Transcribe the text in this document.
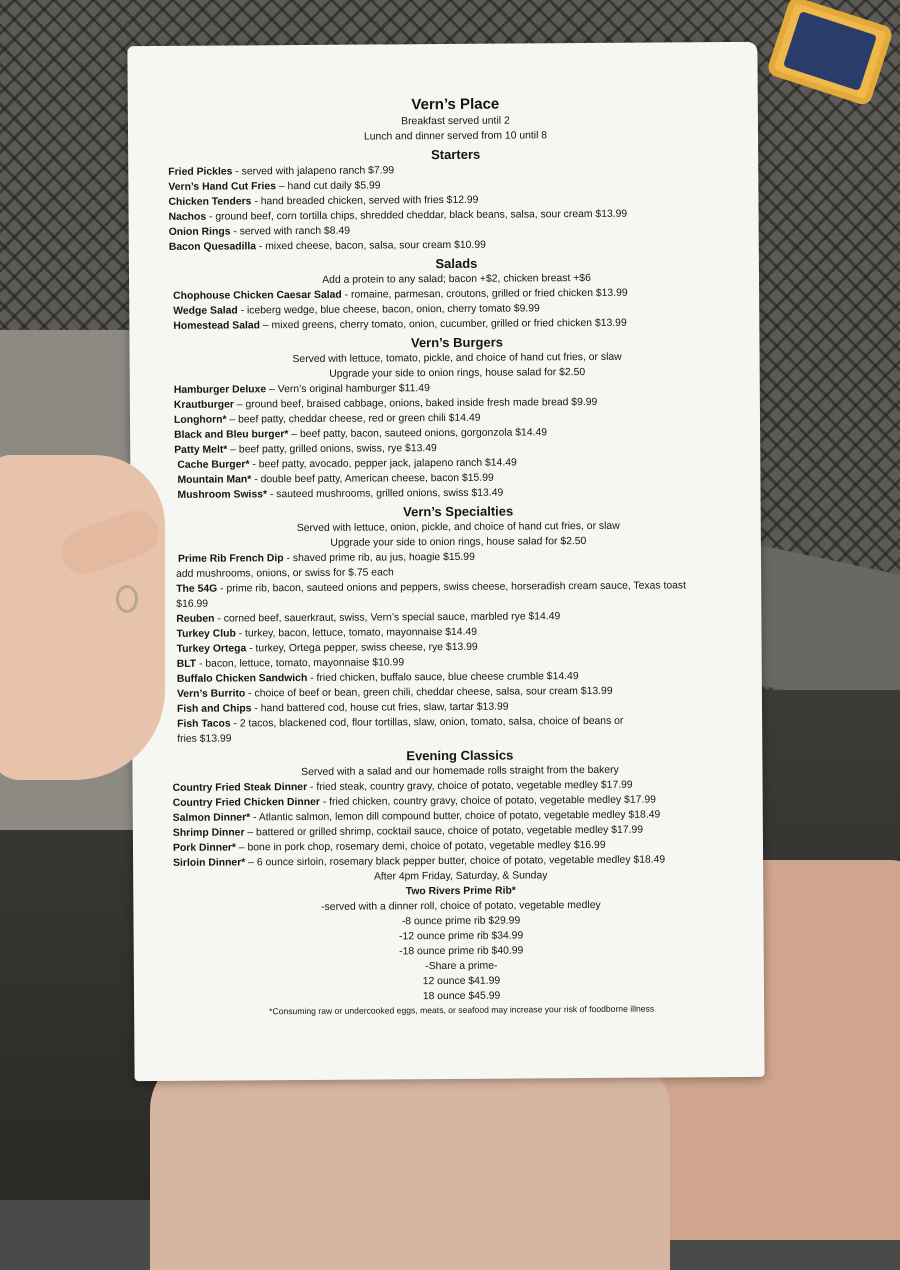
Vern’s Place
Breakfast served until 2
Lunch and dinner served from 10 until 8
Starters
Fried Pickles - served with jalapeno ranch $7.99
Vern’s Hand Cut Fries – hand cut daily $5.99
Chicken Tenders - hand breaded chicken, served with fries $12.99
Nachos - ground beef, corn tortilla chips, shredded cheddar, black beans, salsa, sour cream $13.99
Onion Rings - served with ranch $8.49
Bacon Quesadilla - mixed cheese, bacon, salsa, sour cream $10.99
Salads
Add a protein to any salad; bacon +$2, chicken breast +$6
Chophouse Chicken Caesar Salad - romaine, parmesan, croutons, grilled or fried chicken $13.99
Wedge Salad - iceberg wedge, blue cheese, bacon, onion, cherry tomato $9.99
Homestead Salad – mixed greens, cherry tomato, onion, cucumber, grilled or fried chicken $13.99
Vern’s Burgers
Served with lettuce, tomato, pickle, and choice of hand cut fries, or slaw
Upgrade your side to onion rings, house salad for $2.50
Hamburger Deluxe – Vern’s original hamburger $11.49
Krautburger – ground beef, braised cabbage, onions, baked inside fresh made bread $9.99
Longhorn* – beef patty, cheddar cheese, red or green chili $14.49
Black and Bleu burger* – beef patty, bacon, sauteed onions, gorgonzola $14.49
Patty Melt* – beef patty, grilled onions, swiss, rye $13.49
Cache Burger* - beef patty, avocado, pepper jack, jalapeno ranch $14.49
Mountain Man* - double beef patty, American cheese, bacon $15.99
Mushroom Swiss* - sauteed mushrooms, grilled onions, swiss $13.49
Vern’s Specialties
Served with lettuce, onion, pickle, and choice of hand cut fries, or slaw
Upgrade your side to onion rings, house salad for $2.50
Prime Rib French Dip - shaved prime rib, au jus, hoagie $15.99
add mushrooms, onions, or swiss for $.75 each
The 54G - prime rib, bacon, sauteed onions and peppers, swiss cheese, horseradish cream sauce, Texas toast
$16.99
Reuben - corned beef, sauerkraut, swiss, Vern’s special sauce, marbled rye $14.49
Turkey Club - turkey, bacon, lettuce, tomato, mayonnaise $14.49
Turkey Ortega - turkey, Ortega pepper, swiss cheese, rye $13.99
BLT - bacon, lettuce, tomato, mayonnaise $10.99
Buffalo Chicken Sandwich - fried chicken, buffalo sauce, blue cheese crumble $14.49
Vern’s Burrito - choice of beef or bean, green chili, cheddar cheese, salsa, sour cream $13.99
Fish and Chips - hand battered cod, house cut fries, slaw, tartar $13.99
Fish Tacos - 2 tacos, blackened cod, flour tortillas, slaw, onion, tomato, salsa, choice of beans or
fries $13.99
Evening Classics
Served with a salad and our homemade rolls straight from the bakery
Country Fried Steak Dinner - fried steak, country gravy, choice of potato, vegetable medley $17.99
Country Fried Chicken Dinner - fried chicken, country gravy, choice of potato, vegetable medley $17.99
Salmon Dinner* - Atlantic salmon, lemon dill compound butter, choice of potato, vegetable medley $18.49
Shrimp Dinner – battered or grilled shrimp, cocktail sauce, choice of potato, vegetable medley $17.99
Pork Dinner* – bone in pork chop, rosemary demi, choice of potato, vegetable medley $16.99
Sirloin Dinner* – 6 ounce sirloin, rosemary black pepper butter, choice of potato, vegetable medley $18.49
After 4pm Friday, Saturday, & Sunday
Two Rivers Prime Rib*
-served with a dinner roll, choice of potato, vegetable medley
-8 ounce prime rib $29.99
-12 ounce prime rib $34.99
-18 ounce prime rib $40.99
-Share a prime-
12 ounce $41.99
18 ounce $45.99
*Consuming raw or undercooked eggs, meats, or seafood may increase your risk of foodborne illness
